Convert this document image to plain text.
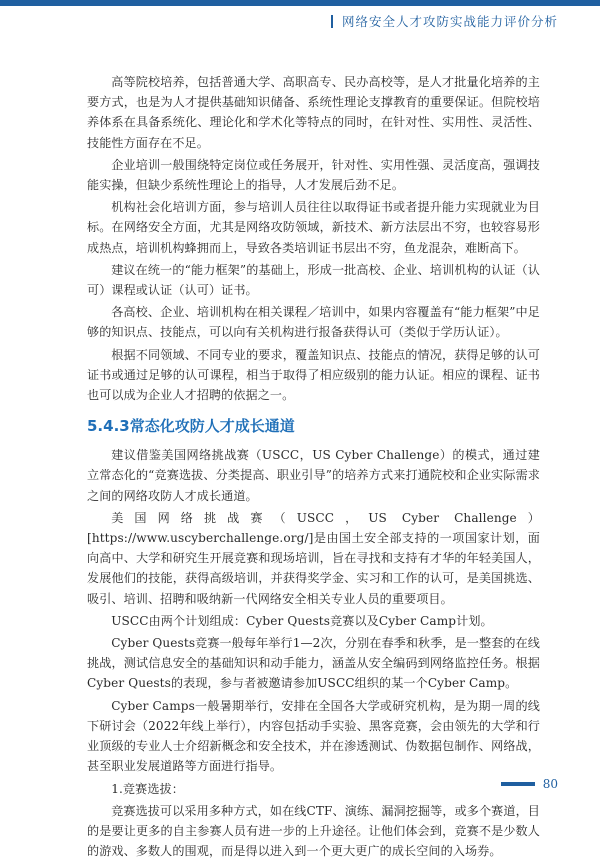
网络安全人才攻防实战能力评价分析

高等院校培养，包括普通大学、高职高专、民办高校等，是人才批量化培养的主要方式，也是为人才提供基础知识储备、系统性理论支撑教育的重要保证。但院校培养体系在具备系统化、理论化和学术化等特点的同时，在针对性、实用性、灵活性、技能性方面存在不足。

企业培训一般围绕特定岗位或任务展开，针对性、实用性强、灵活度高，强调技能实操，但缺少系统性理论上的指导，人才发展后劲不足。

机构社会化培训方面，参与培训人员往往以取得证书或者提升能力实现就业为目标。在网络安全方面，尤其是网络攻防领域，新技术、新方法层出不穷，也较容易形成热点，培训机构蜂拥而上，导致各类培训证书层出不穷，鱼龙混杂，难断高下。

建议在统一的“能力框架”的基础上，形成一批高校、企业、培训机构的认证（认可）课程或认证（认可）证书。

各高校、企业、培训机构在相关课程／培训中，如果内容覆盖有“能力框架”中足够的知识点、技能点，可以向有关机构进行报备获得认可（类似于学历认证）。

根据不同领域、不同专业的要求，覆盖知识点、技能点的情况，获得足够的认可证书或通过足够的认可课程，相当于取得了相应级别的能力认证。相应的课程、证书也可以成为企业人才招聘的依据之一。

5.4.3常态化攻防人才成长通道

建议借鉴美国网络挑战赛（USCC，US Cyber Challenge）的模式，通过建立常态化的“竞赛选拔、分类提高、职业引导”的培养方式来打通院校和企业实际需求之间的网络攻防人才成长通道。

美国网络挑战赛（USCC，US Cyber Challenge）[https://www.uscyberchallenge.org/]是由国土安全部支持的一项国家计划，面向高中、大学和研究生开展竞赛和现场培训，旨在寻找和支持有才华的年轻美国人，发展他们的技能，获得高级培训，并获得奖学金、实习和工作的认可，是美国挑选、吸引、培训、招聘和吸纳新一代网络安全相关专业人员的重要项目。

USCC由两个计划组成：Cyber Quests竞赛以及Cyber Camp计划。

Cyber Quests竞赛一般每年举行1—2次，分别在春季和秋季，是一整套的在线挑战，测试信息安全的基础知识和动手能力，涵盖从安全编码到网络监控任务。根据Cyber Quests的表现，参与者被邀请参加USCC组织的某一个Cyber Camp。

Cyber Camps一般暑期举行，安排在全国各大学或研究机构，是为期一周的线下研讨会（2022年线上举行），内容包括动手实验、黑客竞赛，会由领先的大学和行业顶级的专业人士介绍新概念和安全技术，并在渗透测试、伪数据包制作、网络战，甚至职业发展道路等方面进行指导。

1.竞赛选拔：

竞赛选拔可以采用多种方式，如在线CTF、演练、漏洞挖掘等，或多个赛道，目的是要让更多的自主参赛人员有进一步的上升途径。让他们体会到，竞赛不是少数人的游戏、多数人的围观，而是得以进入到一个更大更广的成长空间的入场券。

80
